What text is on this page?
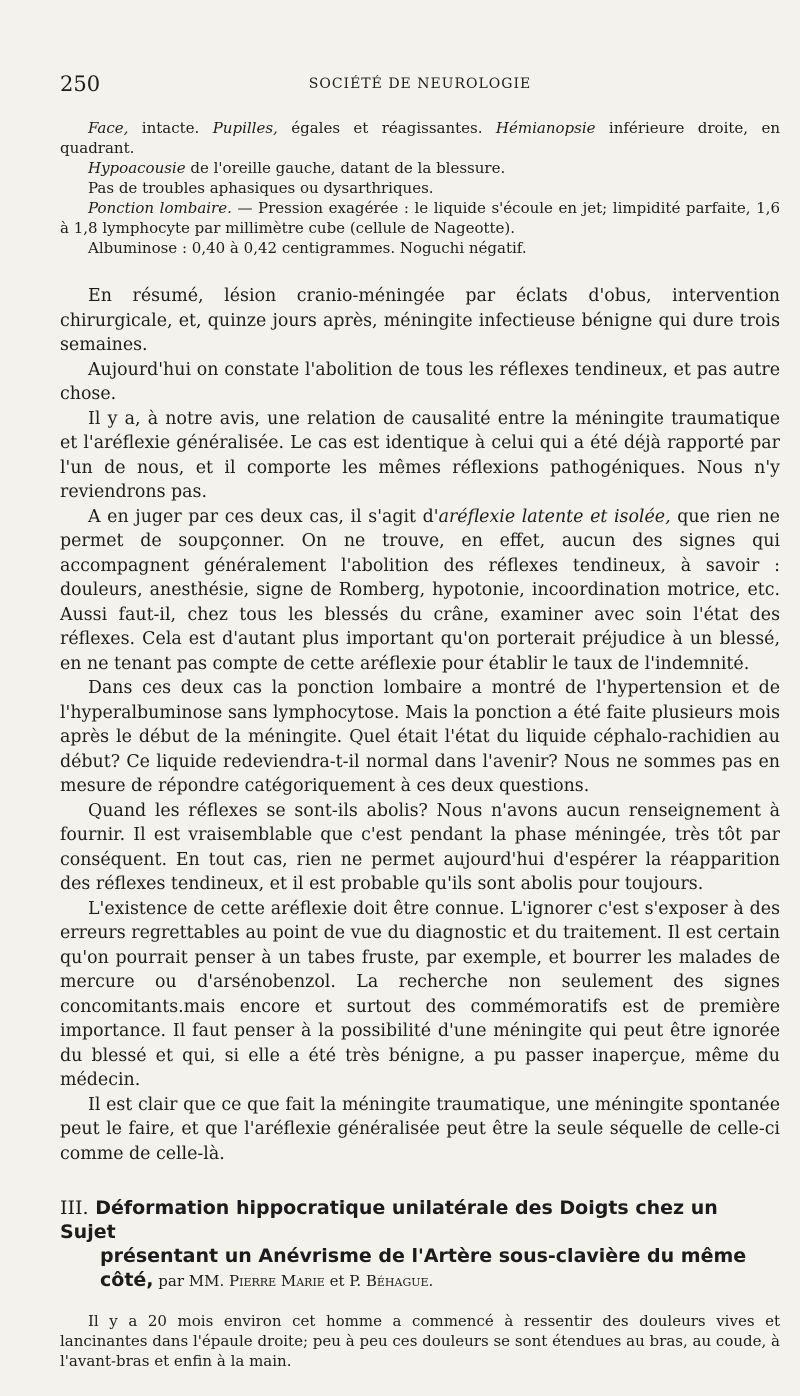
250	SOCIÉTÉ DE NEUROLOGIE

Face, intacte. Pupilles, égales et réagissantes. Hémianopsie inférieure droite, en quadrant.

Hypoacousie de l'oreille gauche, datant de la blessure.

Pas de troubles aphasiques ou dysarthriques.

Ponction lombaire. — Pression exagérée : le liquide s'écoule en jet; limpidité parfaite, 1,6 à 1,8 lymphocyte par millimètre cube (cellule de Nageotte).

Albuminose : 0,40 à 0,42 centigrammes. Noguchi négatif.

En résumé, lésion cranio-méningée par éclats d'obus, intervention chirurgicale, et, quinze jours après, méningite infectieuse bénigne qui dure trois semaines.

Aujourd'hui on constate l'abolition de tous les réflexes tendineux, et pas autre chose.

Il y a, à notre avis, une relation de causalité entre la méningite traumatique et l'aréflexie généralisée. Le cas est identique à celui qui a été déjà rapporté par l'un de nous, et il comporte les mêmes réflexions pathogéniques. Nous n'y reviendrons pas.

A en juger par ces deux cas, il s'agit d'aréflexie latente et isolée, que rien ne permet de soupçonner. On ne trouve, en effet, aucun des signes qui accompagnent généralement l'abolition des réflexes tendineux, à savoir : douleurs, anesthésie, signe de Romberg, hypotonie, incoordination motrice, etc. Aussi faut-il, chez tous les blessés du crâne, examiner avec soin l'état des réflexes. Cela est d'autant plus important qu'on porterait préjudice à un blessé, en ne tenant pas compte de cette aréflexie pour établir le taux de l'indemnité.

Dans ces deux cas la ponction lombaire a montré de l'hypertension et de l'hyperalbuminose sans lymphocytose. Mais la ponction a été faite plusieurs mois après le début de la méningite. Quel était l'état du liquide céphalo-rachidien au début? Ce liquide redeviendra-t-il normal dans l'avenir? Nous ne sommes pas en mesure de répondre catégoriquement à ces deux questions.

Quand les réflexes se sont-ils abolis? Nous n'avons aucun renseignement à fournir. Il est vraisemblable que c'est pendant la phase méningée, très tôt par conséquent. En tout cas, rien ne permet aujourd'hui d'espérer la réapparition des réflexes tendineux, et il est probable qu'ils sont abolis pour toujours.

L'existence de cette aréflexie doit être connue. L'ignorer c'est s'exposer à des erreurs regrettables au point de vue du diagnostic et du traitement. Il est certain qu'on pourrait penser à un tabes fruste, par exemple, et bourrer les malades de mercure ou d'arsénobenzol. La recherche non seulement des signes concomitants.mais encore et surtout des commémoratifs est de première importance. Il faut penser à la possibilité d'une méningite qui peut être ignorée du blessé et qui, si elle a été très bénigne, a pu passer inaperçue, même du médecin.

Il est clair que ce que fait la méningite traumatique, une méningite spontanée peut le faire, et que l'aréflexie généralisée peut être la seule séquelle de celle-ci comme de celle-là.

III. Déformation hippocratique unilatérale des Doigts chez un Sujet
présentant un Anévrisme de l'Artère sous-clavière du même
côté, par MM. Pierre Marie et P. Béhague.

Il y a 20 mois environ cet homme a commencé à ressentir des douleurs vives et lancinantes dans l'épaule droite; peu à peu ces douleurs se sont étendues au bras, au coude, à l'avant-bras et enfin à la main.
